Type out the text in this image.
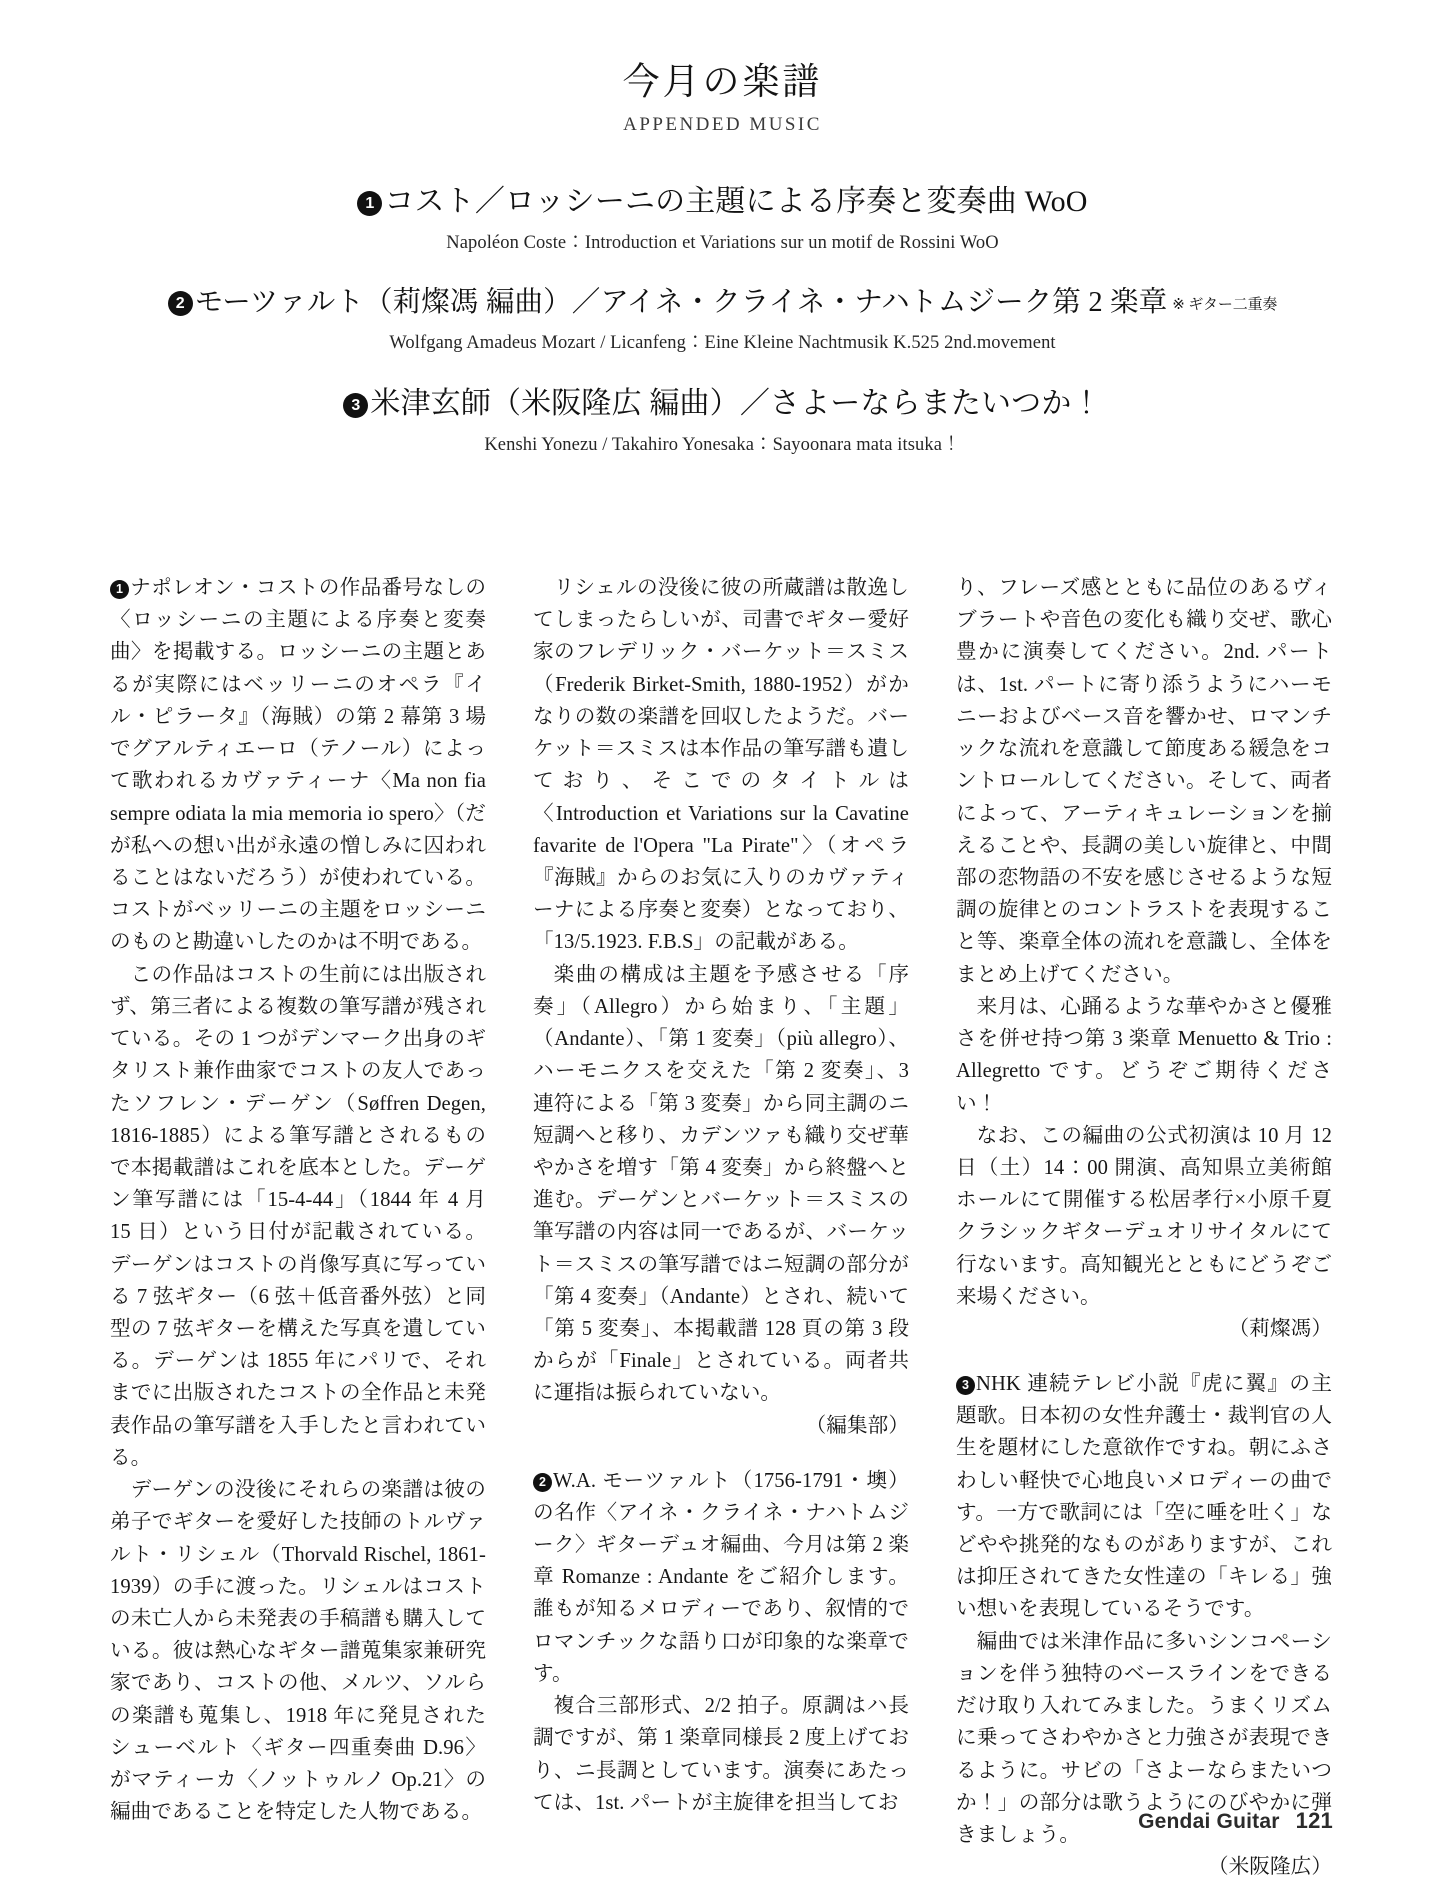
今月の楽譜
APPENDED MUSIC
1 コスト／ロッシーニの主題による序奏と変奏曲 WoO
Napoléon Coste：Introduction et Variations sur un motif de Rossini WoO
2 モーツァルト（莉燦馮 編曲）／アイネ・クライネ・ナハトムジーク第 2 楽章 ※ ギター二重奏
Wolfgang Amadeus Mozart / Licanfeng：Eine Kleine Nachtmusik K.525 2nd.movement
3 米津玄師（米阪隆広 編曲）／さよーならまたいつか！
Kenshi Yonezu / Takahiro Yonesaka：Sayoonara mata itsuka！

1 ナポレオン・コストの作品番号なしの〈ロッシーニの主題による序奏と変奏曲〉を掲載する。ロッシーニの主題とあるが実際にはベッリーニのオペラ『イル・ピラータ』（海賊）の第 2 幕第 3 場でグアルティエーロ（テノール）によって歌われるカヴァティーナ〈Ma non fia sempre odiata la mia memoria io spero〉（だが私への想い出が永遠の憎しみに囚われることはないだろう）が使われている。コストがベッリーニの主題をロッシーニのものと勘違いしたのかは不明である。

この作品はコストの生前には出版されず、第三者による複数の筆写譜が残されている。その 1 つがデンマーク出身のギタリスト兼作曲家でコストの友人であったソフレン・デーゲン（Søffren Degen, 1816-1885）による筆写譜とされるもので本掲載譜はこれを底本とした。デーゲン筆写譜には「15-4-44」（1844 年 4 月 15 日）という日付が記載されている。デーゲンはコストの肖像写真に写っている 7 弦ギター（6 弦＋低音番外弦）と同型の 7 弦ギターを構えた写真を遺している。デーゲンは 1855 年にパリで、それまでに出版されたコストの全作品と未発表作品の筆写譜を入手したと言われている。

デーゲンの没後にそれらの楽譜は彼の弟子でギターを愛好した技師のトルヴァルト・リシェル（Thorvald Rischel, 1861-1939）の手に渡った。リシェルはコストの未亡人から未発表の手稿譜も購入している。彼は熱心なギター譜蒐集家兼研究家であり、コストの他、メルツ、ソルらの楽譜も蒐集し、1918 年に発見されたシューベルト〈ギター四重奏曲 D.96〉がマティーカ〈ノットゥルノ Op.21〉の編曲であることを特定した人物である。

リシェルの没後に彼の所蔵譜は散逸してしまったらしいが、司書でギター愛好家のフレデリック・バーケット＝スミス（Frederik Birket-Smith, 1880-1952）がかなりの数の楽譜を回収したようだ。バーケット＝スミスは本作品の筆写譜も遺しており、そこでのタイトルは〈Introduction et Variations sur la Cavatine favarite de l'Opera "La Pirate"〉（オペラ『海賊』からのお気に入りのカヴァティーナによる序奏と変奏）となっており、「13/5.1923. F.B.S」の記載がある。

楽曲の構成は主題を予感させる「序奏」（Allegro）から始まり、「主題」（Andante）、「第 1 変奏」（più allegro）、ハーモニクスを交えた「第 2 変奏」、3 連符による「第 3 変奏」から同主調のニ短調へと移り、カデンツァも織り交ぜ華やかさを増す「第 4 変奏」から終盤へと進む。デーゲンとバーケット＝スミスの筆写譜の内容は同一であるが、バーケット＝スミスの筆写譜ではニ短調の部分が「第 4 変奏」（Andante）とされ、続いて「第 5 変奏」、本掲載譜 128 頁の第 3 段からが「Finale」とされている。両者共に運指は振られていない。

（編集部）

2 W.A. モーツァルト（1756-1791・墺）の名作〈アイネ・クライネ・ナハトムジーク〉ギターデュオ編曲、今月は第 2 楽章 Romanze : Andante をご紹介します。誰もが知るメロディーであり、叙情的でロマンチックな語り口が印象的な楽章です。

複合三部形式、2/2 拍子。原調はハ長調ですが、第 1 楽章同様長 2 度上げており、ニ長調としています。演奏にあたっては、1st. パートが主旋律を担当してお

り、フレーズ感とともに品位のあるヴィブラートや音色の変化も織り交ぜ、歌心豊かに演奏してください。2nd. パートは、1st. パートに寄り添うようにハーモニーおよびベース音を響かせ、ロマンチックな流れを意識して節度ある緩急をコントロールしてください。そして、両者によって、アーティキュレーションを揃えることや、長調の美しい旋律と、中間部の恋物語の不安を感じさせるような短調の旋律とのコントラストを表現すること等、楽章全体の流れを意識し、全体をまとめ上げてください。

来月は、心踊るような華やかさと優雅さを併せ持つ第 3 楽章 Menuetto & Trio : Allegretto です。どうぞご期待ください！

なお、この編曲の公式初演は 10 月 12 日（土）14：00 開演、高知県立美術館ホールにて開催する松居孝行×小原千夏クラシックギターデュオリサイタルにて行ないます。高知観光とともにどうぞご来場ください。

（莉燦馮）

3 NHK 連続テレビ小説『虎に翼』の主題歌。日本初の女性弁護士・裁判官の人生を題材にした意欲作ですね。朝にふさわしい軽快で心地良いメロディーの曲です。一方で歌詞には「空に唾を吐く」などやや挑発的なものがありますが、これは抑圧されてきた女性達の「キレる」強い想いを表現しているそうです。

編曲では米津作品に多いシンコペーションを伴う独特のベースラインをできるだけ取り入れてみました。うまくリズムに乗ってさわやかさと力強さが表現できるように。サビの「さよーならまたいつか！」の部分は歌うようにのびやかに弾きましょう。

（米阪隆広）

Gendai Guitar 121
